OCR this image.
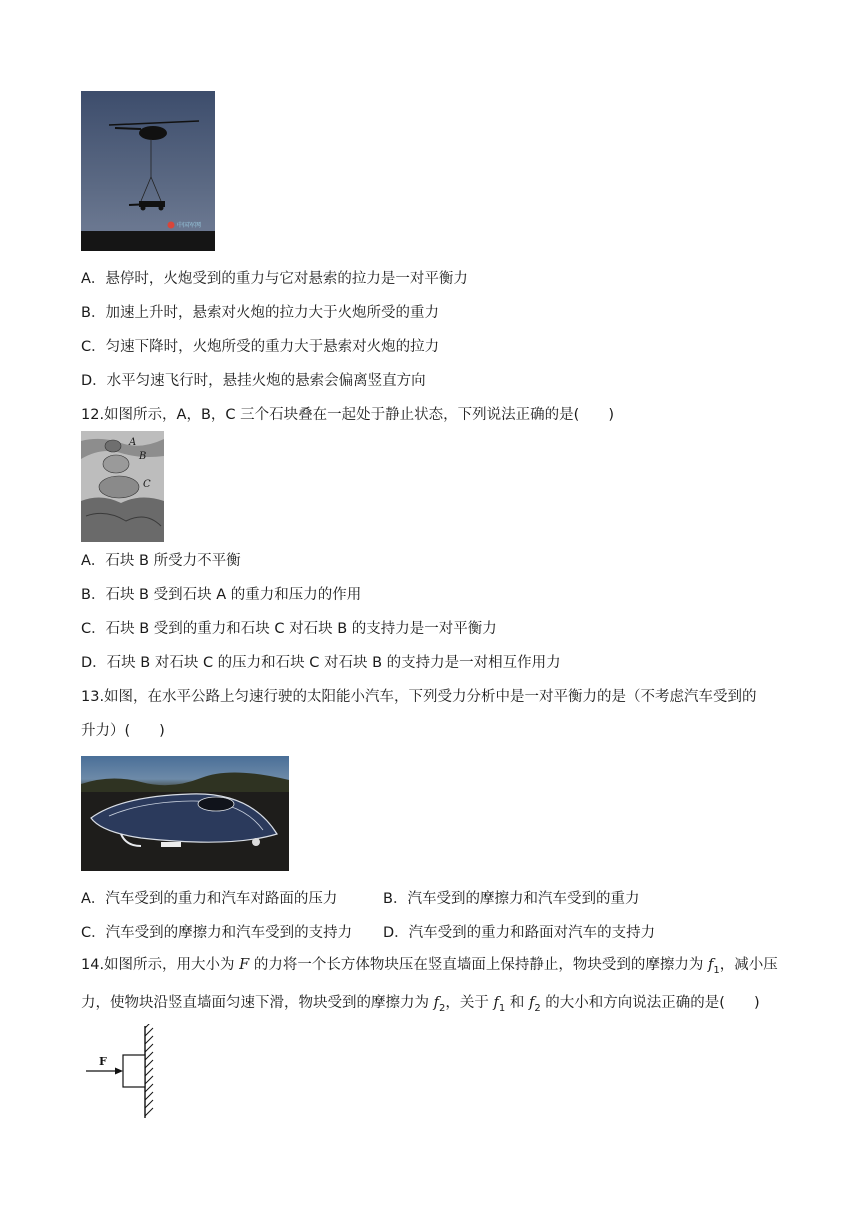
中国军网
A．悬停时，火炮受到的重力与它对悬索的拉力是一对平衡力
B．加速上升时，悬索对火炮的拉力大于火炮所受的重力
C．匀速下降时，火炮所受的重力大于悬索对火炮的拉力
D．水平匀速飞行时，悬挂火炮的悬索会偏离竖直方向
12.如图所示，A，B，C 三个石块叠在一起处于静止状态，下列说法正确的是(　　)
A
B
C
A．石块 B 所受力不平衡
B．石块 B 受到石块 A 的重力和压力的作用
C．石块 B 受到的重力和石块 C 对石块 B 的支持力是一对平衡力
D．石块 B 对石块 C 的压力和石块 C 对石块 B 的支持力是一对相互作用力
13.如图，在水平公路上匀速行驶的太阳能小汽车，下列受力分析中是一对平衡力的是（不考虑汽车受到的
升力）(　　)
A．汽车受到的重力和汽车对路面的压力	B．汽车受到的摩擦力和汽车受到的重力
C．汽车受到的摩擦力和汽车受到的支持力 D．汽车受到的重力和路面对汽车的支持力
14.如图所示，用大小为 F 的力将一个长方体物块压在竖直墙面上保持静止，物块受到的摩擦力为 $f_1$，减小压力，使物块沿竖直墙面匀速下滑，物块受到的摩擦力为 $f_2$，关于 $f_1$ 和 $f_2$ 的大小和方向说法正确的是(　　)
F
